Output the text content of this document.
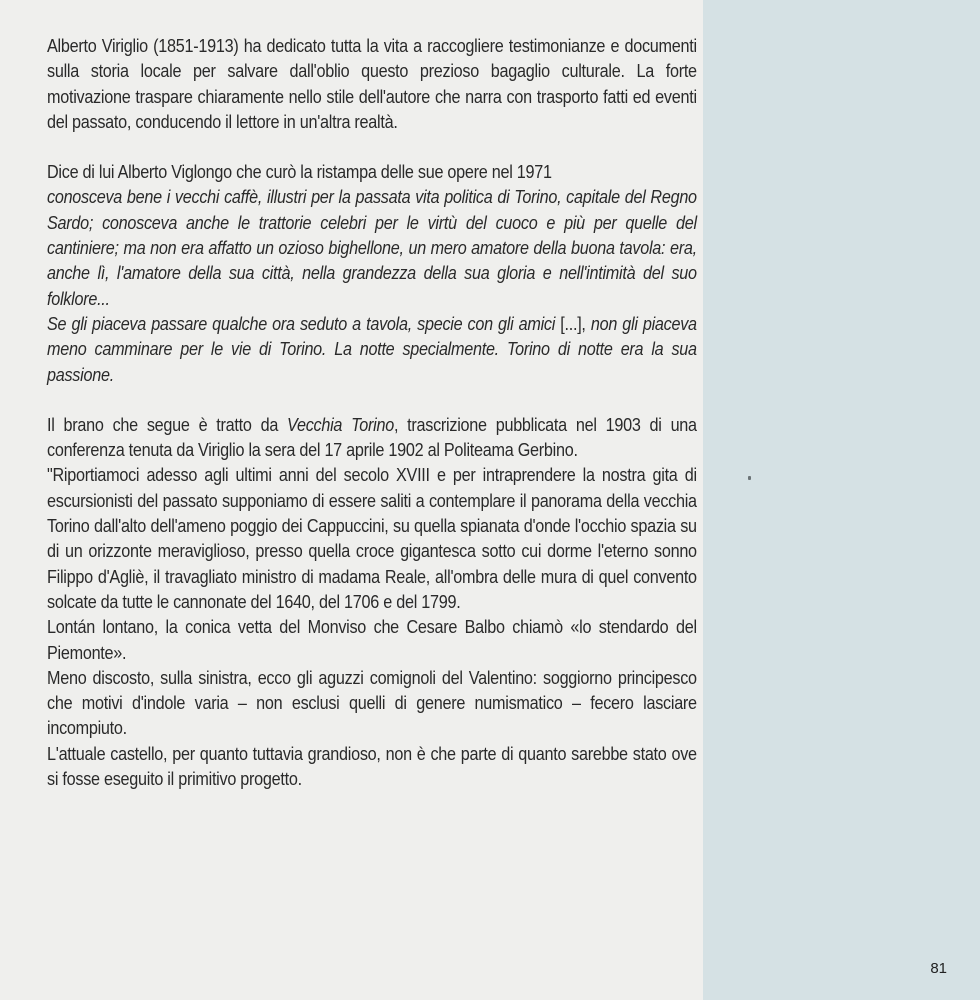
Alberto Viriglio (1851-1913) ha dedicato tutta la vita a raccogliere testimonianze e documenti sulla storia locale per salvare dall'oblio questo prezioso bagaglio culturale. La forte motivazione traspare chiaramente nello stile dell'autore che narra con trasporto fatti ed eventi del passato, conducendo il lettore in un'altra realtà.

Dice di lui Alberto Viglongo che curò la ristampa delle sue opere nel 1971
conosceva bene i vecchi caffè, illustri per la passata vita politica di Torino, capitale del Regno Sardo; conosceva anche le trattorie celebri per le virtù del cuoco e più per quelle del cantiniere; ma non era affatto un ozioso bighellone, un mero amatore della buona tavola: era, anche lì, l'amatore della sua città, nella grandezza della sua gloria e nell'intimità del suo folklore...
Se gli piaceva passare qualche ora seduto a tavola, specie con gli amici [...], non gli piaceva meno camminare per le vie di Torino. La notte specialmente. Torino di notte era la sua passione.

Il brano che segue è tratto da Vecchia Torino, trascrizione pubblicata nel 1903 di una conferenza tenuta da Viriglio la sera del 17 aprile 1902 al Politeama Gerbino.

"Riportiamoci adesso agli ultimi anni del secolo XVIII e per intraprendere la nostra gita di escursionisti del passato supponiamo di essere saliti a contemplare il panorama della vecchia Torino dall'alto dell'ameno poggio dei Cappuccini, su quella spianata d'onde l'occhio spazia su di un orizzonte meraviglioso, presso quella croce gigantesca sotto cui dorme l'eterno sonno Filippo d'Agliè, il travagliato ministro di madama Reale, all'ombra delle mura di quel convento solcate da tutte le cannonate del 1640, del 1706 e del 1799.

Lontán lontano, la conica vetta del Monviso che Cesare Balbo chiamò «lo stendardo del Piemonte».

Meno discosto, sulla sinistra, ecco gli aguzzi comignoli del Valentino: soggiorno principesco che motivi d'indole varia – non esclusi quelli di genere numismatico – fecero lasciare incompiuto.

L'attuale castello, per quanto tuttavia grandioso, non è che parte di quanto sarebbe stato ove si fosse eseguito il primitivo progetto.

81
